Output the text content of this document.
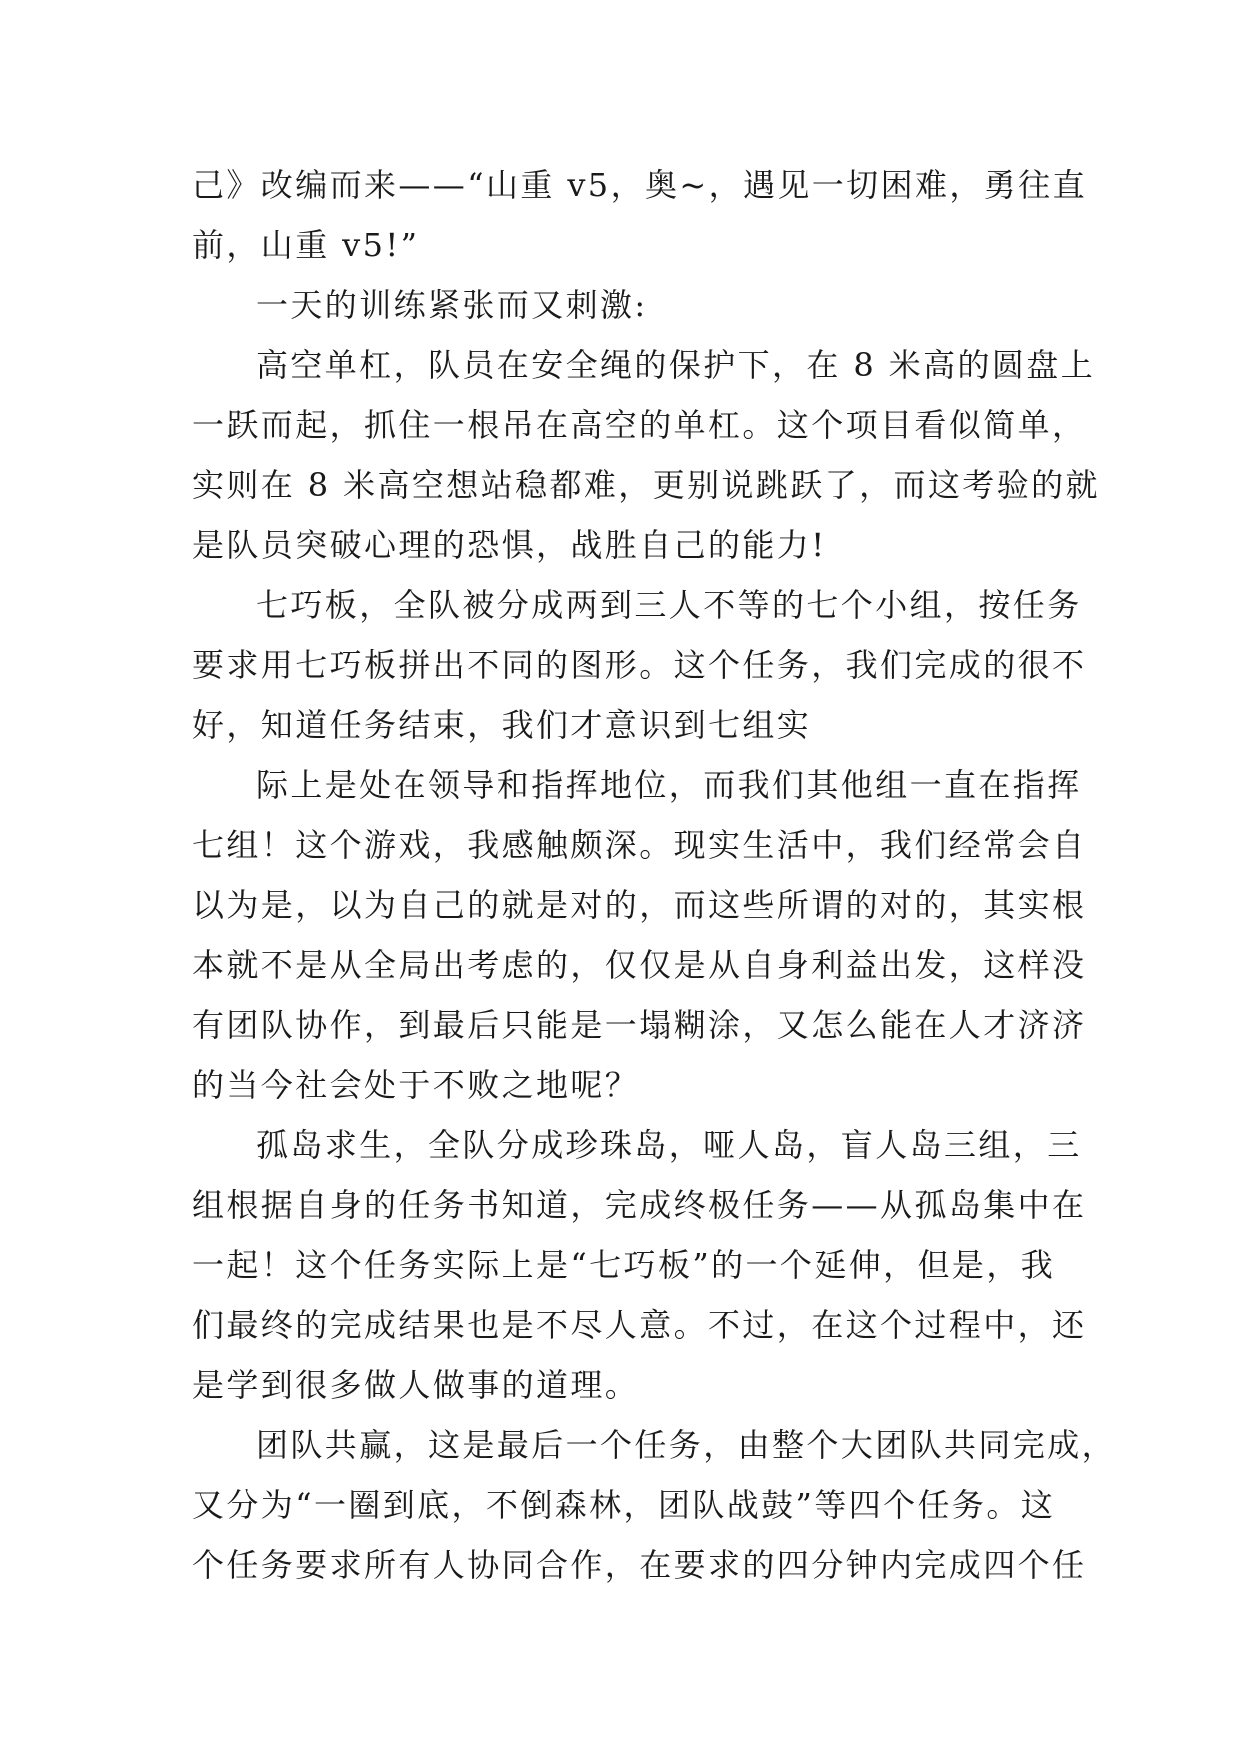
己》改编而来——“山重 v5，奥~，遇见一切困难，勇往直
前，山重 v5!”
一天的训练紧张而又刺激:
高空单杠，队员在安全绳的保护下，在 8 米高的圆盘上
一跃而起，抓住一根吊在高空的单杠。这个项目看似简单，
实则在 8 米高空想站稳都难，更别说跳跃了，而这考验的就
是队员突破心理的恐惧，战胜自己的能力!
七巧板，全队被分成两到三人不等的七个小组，按任务
要求用七巧板拼出不同的图形。这个任务，我们完成的很不
好，知道任务结束，我们才意识到七组实
际上是处在领导和指挥地位，而我们其他组一直在指挥
七组！这个游戏，我感触颇深。现实生活中，我们经常会自
以为是，以为自己的就是对的，而这些所谓的对的，其实根
本就不是从全局出考虑的，仅仅是从自身利益出发，这样没
有团队协作，到最后只能是一塌糊涂，又怎么能在人才济济
的当今社会处于不败之地呢？
孤岛求生，全队分成珍珠岛，哑人岛，盲人岛三组，三
组根据自身的任务书知道，完成终极任务——从孤岛集中在
一起！这个任务实际上是“七巧板”的一个延伸，但是，我
们最终的完成结果也是不尽人意。不过，在这个过程中，还
是学到很多做人做事的道理。
团队共赢，这是最后一个任务，由整个大团队共同完成，
又分为“一圈到底，不倒森林，团队战鼓”等四个任务。这
个任务要求所有人协同合作，在要求的四分钟内完成四个任
